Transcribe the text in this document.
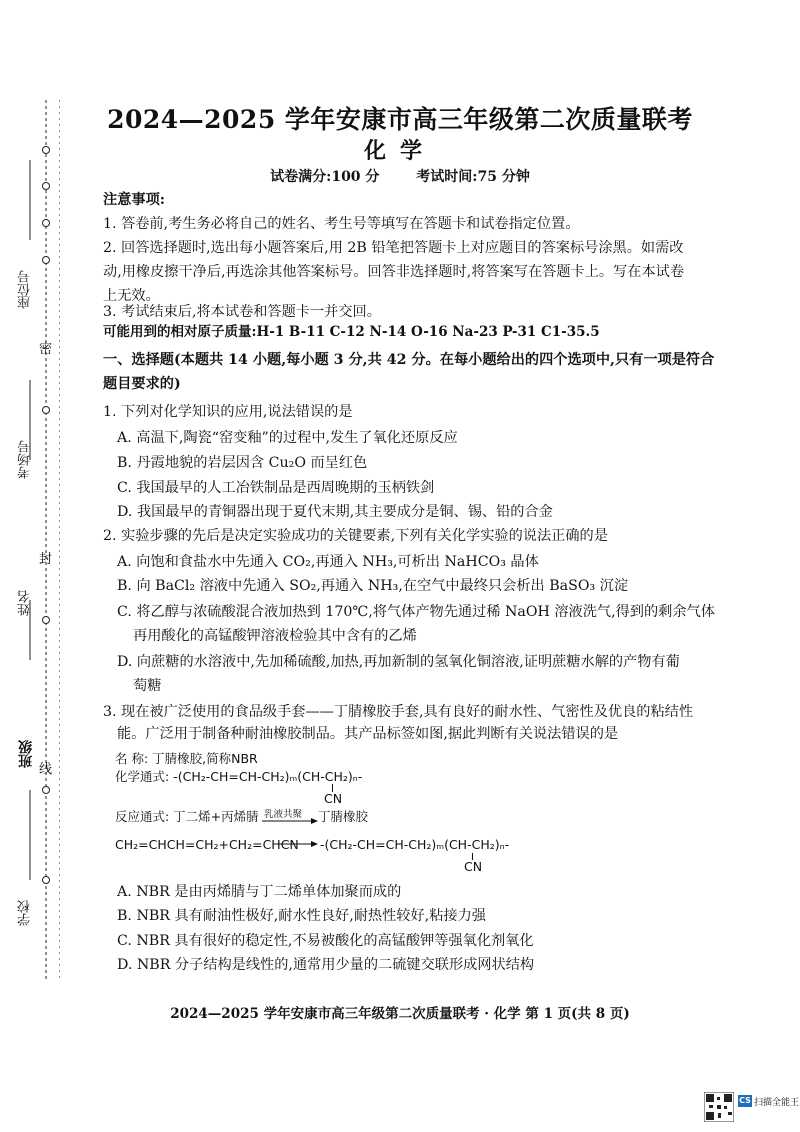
座位号
密
考场号
封
姓名
班级
线
学校
2024—2025 学年安康市高三年级第二次质量联考
化学
试卷满分:100 分	考试时间:75 分钟
注意事项:
1. 答卷前,考生务必将自己的姓名、考生号等填写在答题卡和试卷指定位置。
2. 回答选择题时,选出每小题答案后,用 2B 铅笔把答题卡上对应题目的答案标号涂黑。如需改
动,用橡皮擦干净后,再选涂其他答案标号。回答非选择题时,将答案写在答题卡上。写在本试卷
上无效。
3. 考试结束后,将本试卷和答题卡一并交回。
可能用到的相对原子质量:H-1 B-11 C-12 N-14 O-16 Na-23 P-31 C1-35.5
一、选择题(本题共 14 小题,每小题 3 分,共 42 分。在每小题给出的四个选项中,只有一项是符合
题目要求的)
1. 下列对化学知识的应用,说法错误的是
A. 高温下,陶瓷“窑变釉”的过程中,发生了氧化还原反应
B. 丹霞地貌的岩层因含 Cu₂O 而呈红色
C. 我国最早的人工冶铁制品是西周晚期的玉柄铁剑
D. 我国最早的青铜器出现于夏代末期,其主要成分是铜、锡、铅的合金
2. 实验步骤的先后是决定实验成功的关键要素,下列有关化学实验的说法正确的是
A. 向饱和食盐水中先通入 CO₂,再通入 NH₃,可析出 NaHCO₃ 晶体
B. 向 BaCl₂ 溶液中先通入 SO₂,再通入 NH₃,在空气中最终只会析出 BaSO₃ 沉淀
C. 将乙醇与浓硫酸混合液加热到 170℃,将气体产物先通过稀 NaOH 溶液洗气,得到的剩余气体
再用酸化的高锰酸钾溶液检验其中含有的乙烯
D. 向蔗糖的水溶液中,先加稀硫酸,加热,再加新制的氢氧化铜溶液,证明蔗糖水解的产物有葡
萄糖
3. 现在被广泛使用的食品级手套——丁腈橡胶手套,具有良好的耐水性、气密性及优良的粘结性
能。广泛用于制备种耐油橡胶制品。其产品标签如图,据此判断有关说法错误的是
名 称: 丁腈橡胶,简称NBR
化学通式: -(CH₂-CH=CH-CH₂)ₘ(CH-CH₂)ₙ-
CN
反应通式: 丁二烯+丙烯腈 乳液共聚 → 丁腈橡胶
CH₂=CHCH=CH₂+CH₂=CHCN → -(CH₂-CH=CH-CH₂)ₘ(CH-CH₂)ₙ-
CN
A. NBR 是由丙烯腈与丁二烯单体加聚而成的
B. NBR 具有耐油性极好,耐水性良好,耐热性较好,粘接力强
C. NBR 具有很好的稳定性,不易被酸化的高锰酸钾等强氧化剂氧化
D. NBR 分子结构是线性的,通常用少量的二硫键交联形成网状结构
2024—2025 学年安康市高三年级第二次质量联考 · 化学 第 1 页(共 8 页)
CS 扫描全能王
